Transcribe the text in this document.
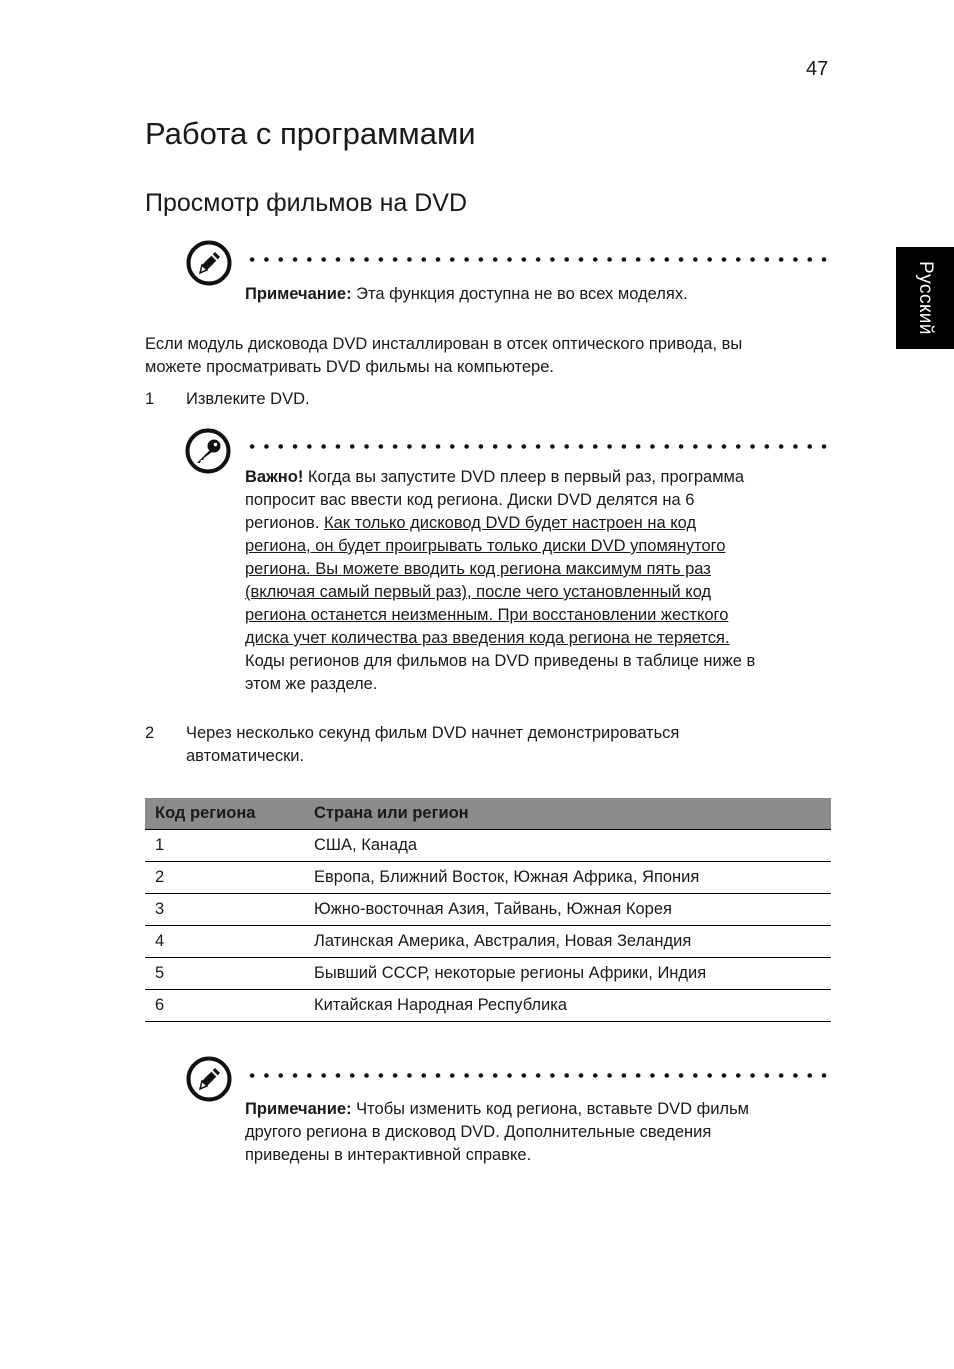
47
Русский
Работа с программами
Просмотр фильмов на DVD
Примечание: Эта функция доступна не во всех моделях.
Если модуль дисковода DVD инсталлирован в отсек оптического привода, вы
можете просматривать DVD фильмы на компьютере.
1 Извлеките DVD.
Важно! Когда вы запустите DVD плеер в первый раз, программа
попросит вас ввести код региона. Диски DVD делятся на 6
регионов. Как только дисковод DVD будет настроен на код
региона, он будет проигрывать только диски DVD упомянутого
региона. Вы можете вводить код региона максимум пять раз
(включая самый первый раз), после чего установленный код
региона останется неизменным. При восстановлении жесткого
диска учет количества раз введения кода региона не теряется.
Коды регионов для фильмов на DVD приведены в таблице ниже в
этом же разделе.
2 Через несколько секунд фильм DVD начнет демонстрироваться
автоматически.
Код региона	Страна или регион
1	США, Канада
2	Европа, Ближний Восток, Южная Африка, Япония
3	Южно-восточная Азия, Тайвань, Южная Корея
4	Латинская Америка, Австралия, Новая Зеландия
5	Бывший СССР, некоторые регионы Африки, Индия
6	Китайская Народная Республика
Примечание: Чтобы изменить код региона, вставьте DVD фильм
другого региона в дисковод DVD. Дополнительные сведения
приведены в интерактивной справке.
